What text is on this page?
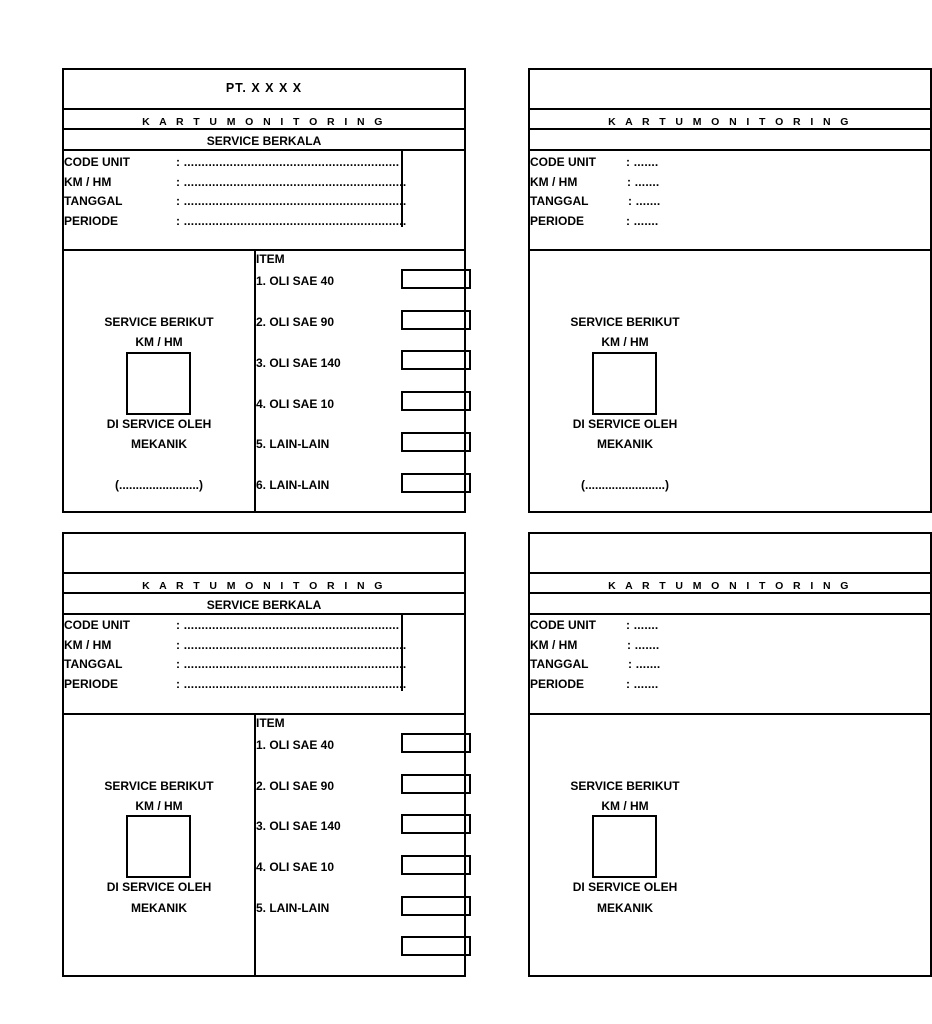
PT. X X X X
K A R T U M O N I T O R I N G
SERVICE BERKALA
CODE UNIT	: .............................................................
KM / HM	: ...............................................................
TANGGAL	: ...............................................................
PERIODE	: ...............................................................
ITEM
1. OLI SAE 40
2. OLI SAE 90
3. OLI SAE 140
4. OLI SAE 10
5. LAIN-LAIN
6. LAIN-LAIN
SERVICE BERIKUT
KM / HM
DI SERVICE OLEH
MEKANIK
(........................)
K A R T U M O N I T O R I N G
SERVICE BERKALA
CODE UNIT	: .............................................................
KM / HM	: ...............................................................
TANGGAL	: ...............................................................
PERIODE	: ...............................................................
ITEM
1. OLI SAE 40
2. OLI SAE 90
3. OLI SAE 140
4. OLI SAE 10
5. LAIN-LAIN
SERVICE BERIKUT
KM / HM
DI SERVICE OLEH
MEKANIK
K A R T U M O N I T O R I N G
CODE UNIT	: .......
KM / HM	: .......
TANGGAL	: .......
PERIODE	: .......
SERVICE BERIKUT
KM / HM
DI SERVICE OLEH
MEKANIK
(........................)
K A R T U M O N I T O R I N G
CODE UNIT	: .......
KM / HM	: .......
TANGGAL	: .......
PERIODE	: .......
SERVICE BERIKUT
KM / HM
DI SERVICE OLEH
MEKANIK
